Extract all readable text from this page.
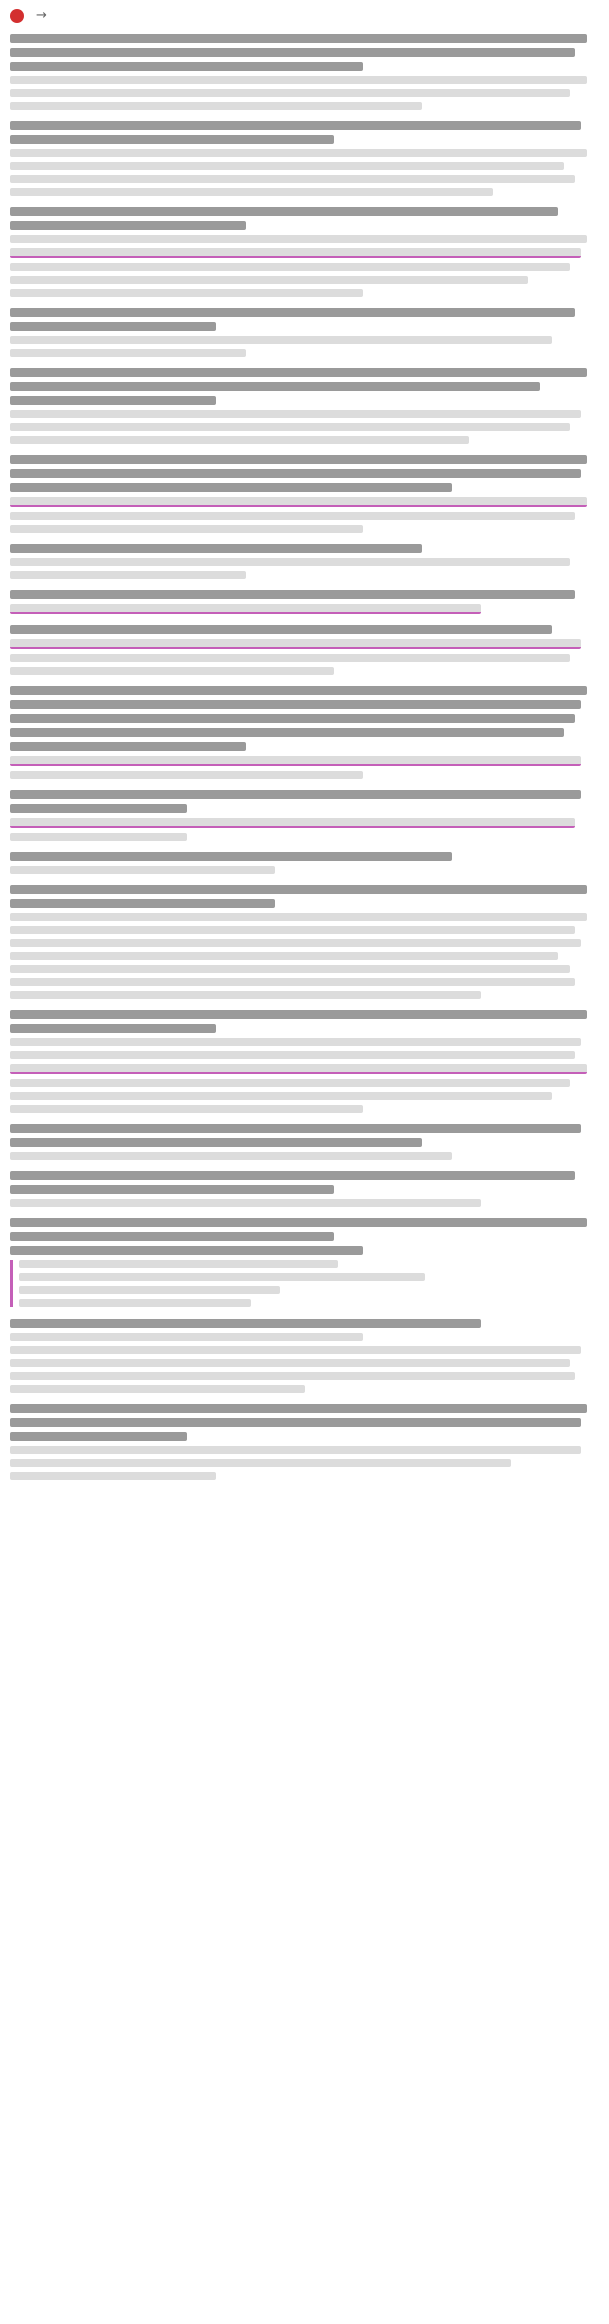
→
